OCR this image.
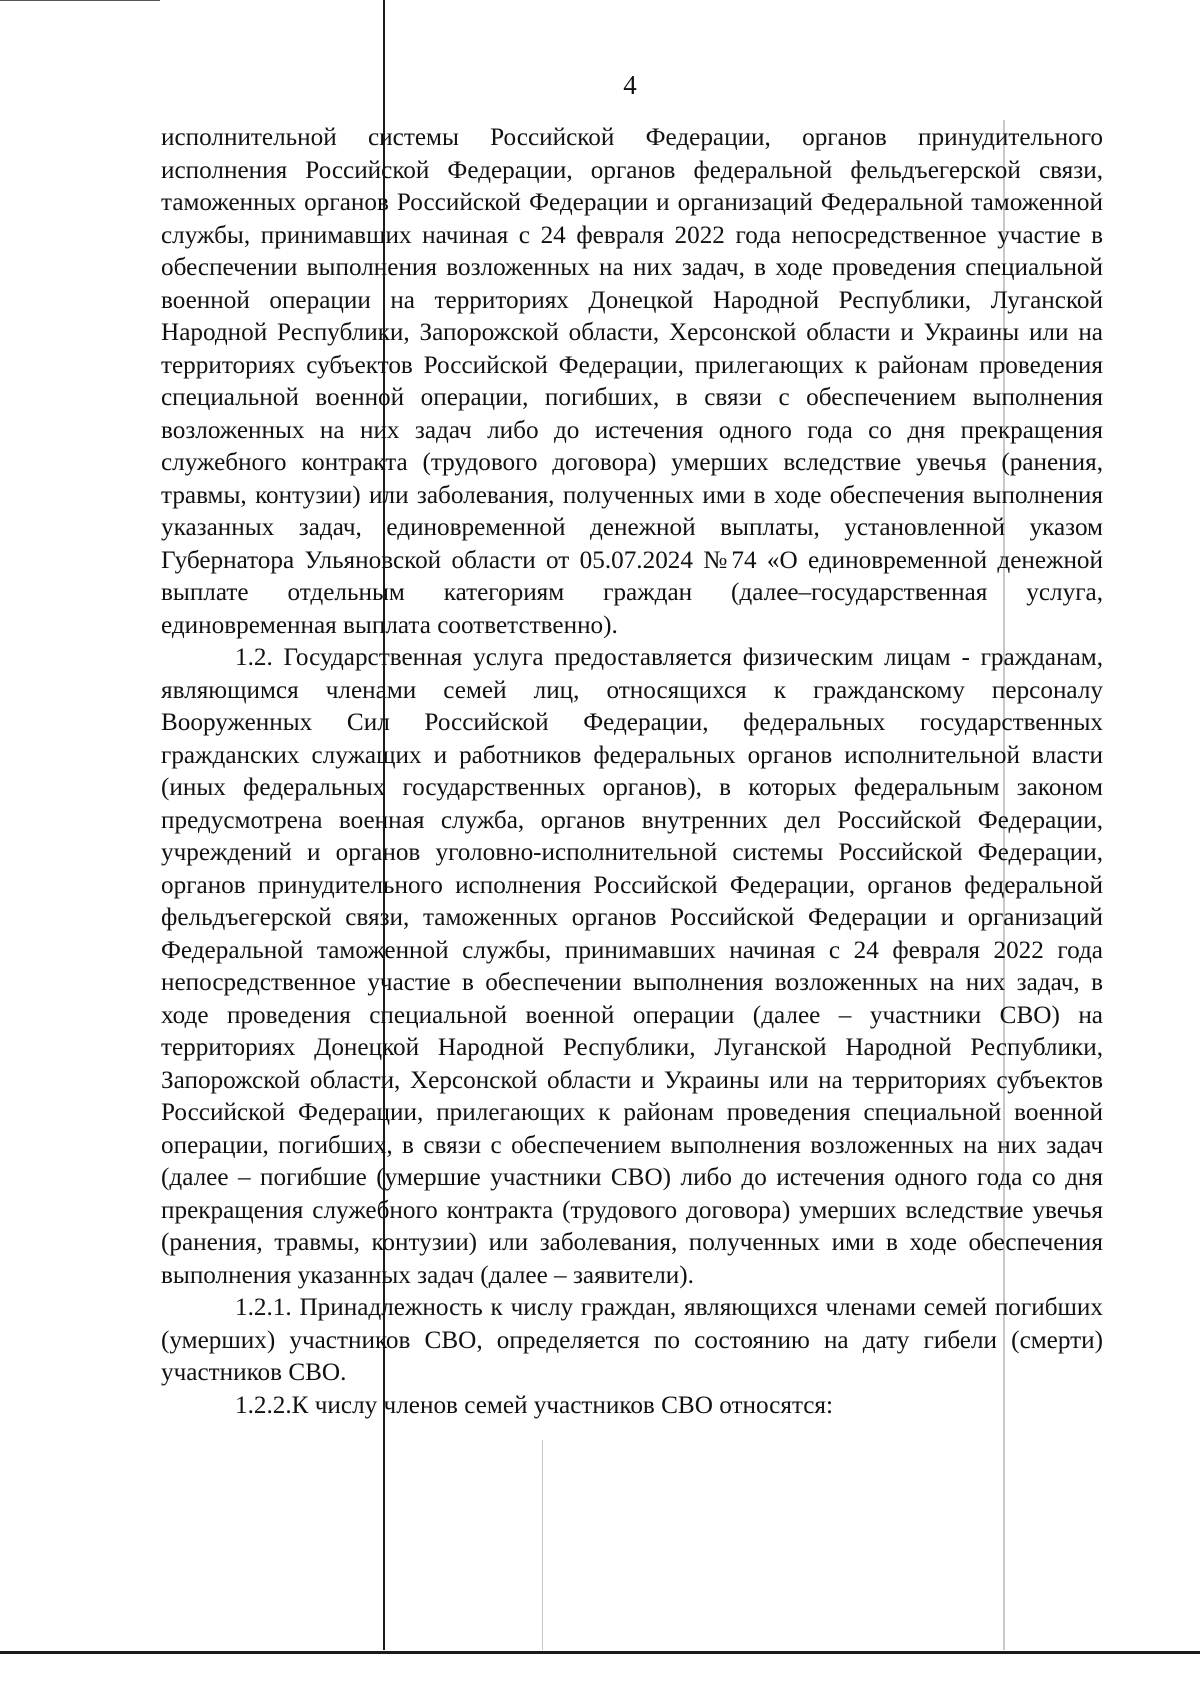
4

исполнительной системы Российской Федерации, органов принудительного исполнения Российской Федерации, органов федеральной фельдъегерской связи, таможенных органов Российской Федерации и организаций Федеральной таможенной службы, принимавших начиная с 24 февраля 2022 года непосредственное участие в обеспечении выполнения возложенных на них задач, в ходе проведения специальной военной операции на территориях Донецкой Народной Республики, Луганской Народной Республики, Запорожской области, Херсонской области и Украины или на территориях субъектов Российской Федерации, прилегающих к районам проведения специальной военной операции, погибших, в связи с обеспечением выполнения возложенных на них задач либо до истечения одного года со дня прекращения служебного контракта (трудового договора) умерших вследствие увечья (ранения, травмы, контузии) или заболевания, полученных ими в ходе обеспечения выполнения указанных задач, единовременной денежной выплаты, установленной указом Губернатора Ульяновской области от 05.07.2024 №74 «О единовременной денежной выплате отдельным категориям граждан (далее–государственная услуга, единовременная выплата соответственно).

1.2. Государственная услуга предоставляется физическим лицам - гражданам, являющимся членами семей лиц, относящихся к гражданскому персоналу Вооруженных Сил Российской Федерации, федеральных государственных гражданских служащих и работников федеральных органов исполнительной власти (иных федеральных государственных органов), в которых федеральным законом предусмотрена военная служба, органов внутренних дел Российской Федерации, учреждений и органов уголовно-исполнительной системы Российской Федерации, органов принудительного исполнения Российской Федерации, органов федеральной фельдъегерской связи, таможенных органов Российской Федерации и организаций Федеральной таможенной службы, принимавших начиная с 24 февраля 2022 года непосредственное участие в обеспечении выполнения возложенных на них задач, в ходе проведения специальной военной операции (далее – участники СВО) на территориях Донецкой Народной Республики, Луганской Народной Республики, Запорожской области, Херсонской области и Украины или на территориях субъектов Российской Федерации, прилегающих к районам проведения специальной военной операции, погибших, в связи с обеспечением выполнения возложенных на них задач (далее – погибшие (умершие участники СВО) либо до истечения одного года со дня прекращения служебного контракта (трудового договора) умерших вследствие увечья (ранения, травмы, контузии) или заболевания, полученных ими в ходе обеспечения выполнения указанных задач (далее – заявители).

1.2.1. Принадлежность к числу граждан, являющихся членами семей погибших (умерших) участников СВО, определяется по состоянию на дату гибели (смерти) участников СВО.

1.2.2.К числу членов семей участников СВО относятся:
